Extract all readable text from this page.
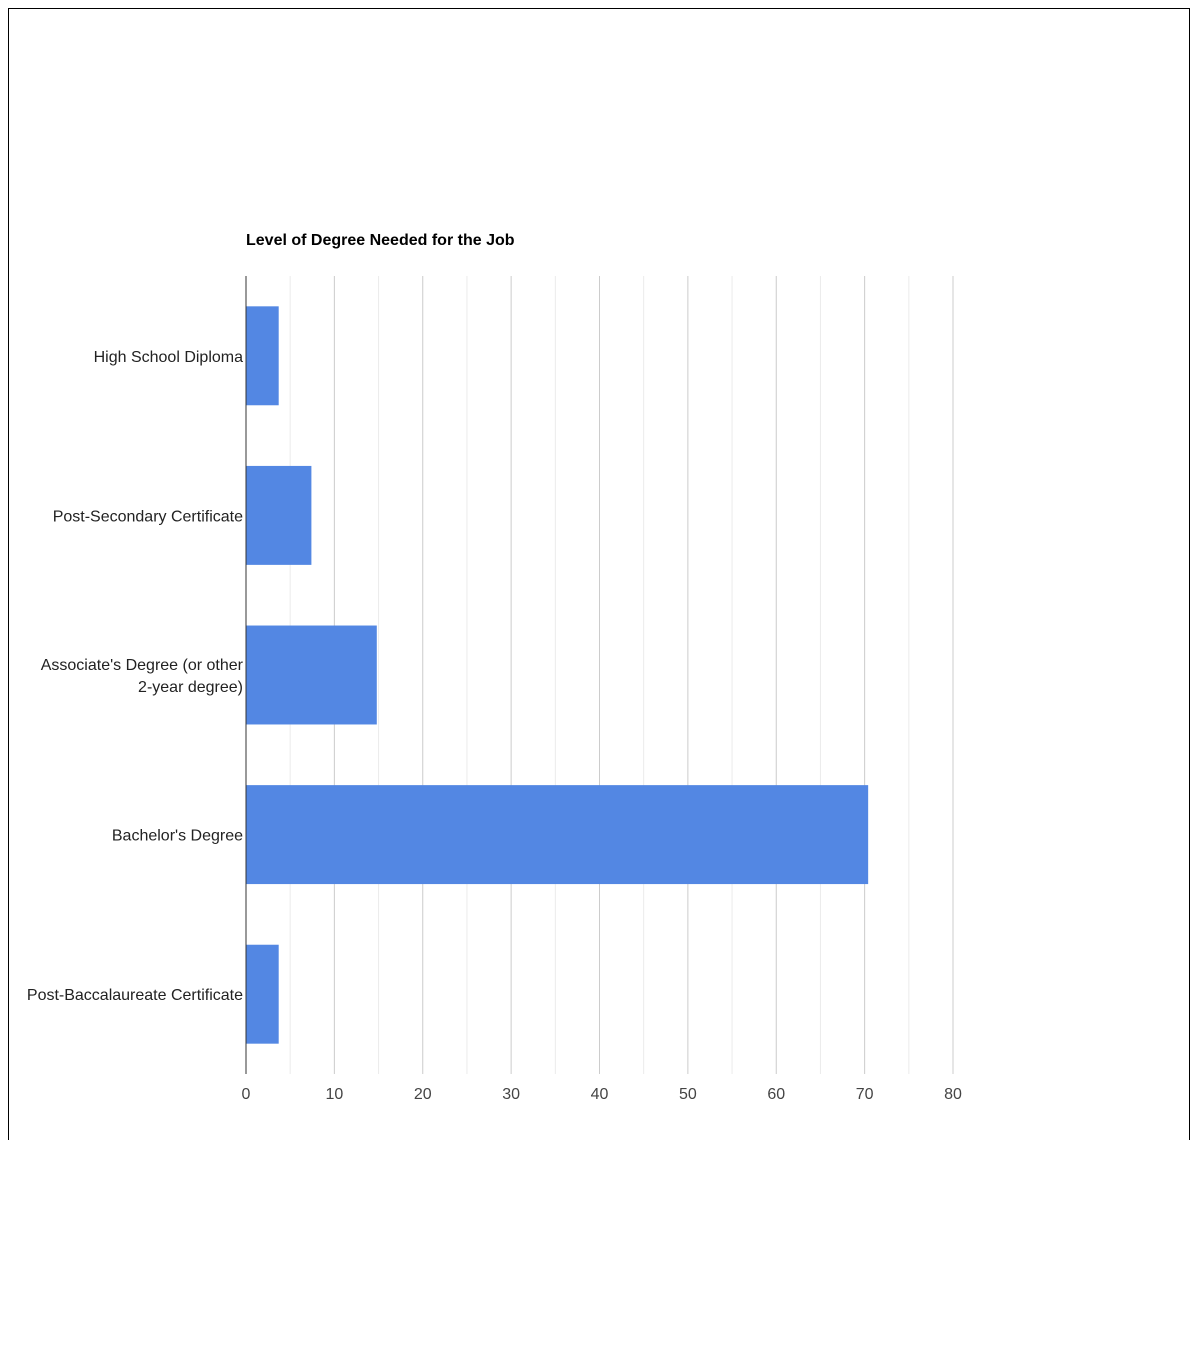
Level of Degree Needed for the Job
High School Diploma
Post-Secondary Certificate
Associate's Degree (or other 2-year degree)
Bachelor's Degree
Post-Baccalaureate Certificate
0	10	20	30	40	50	60	70	80
